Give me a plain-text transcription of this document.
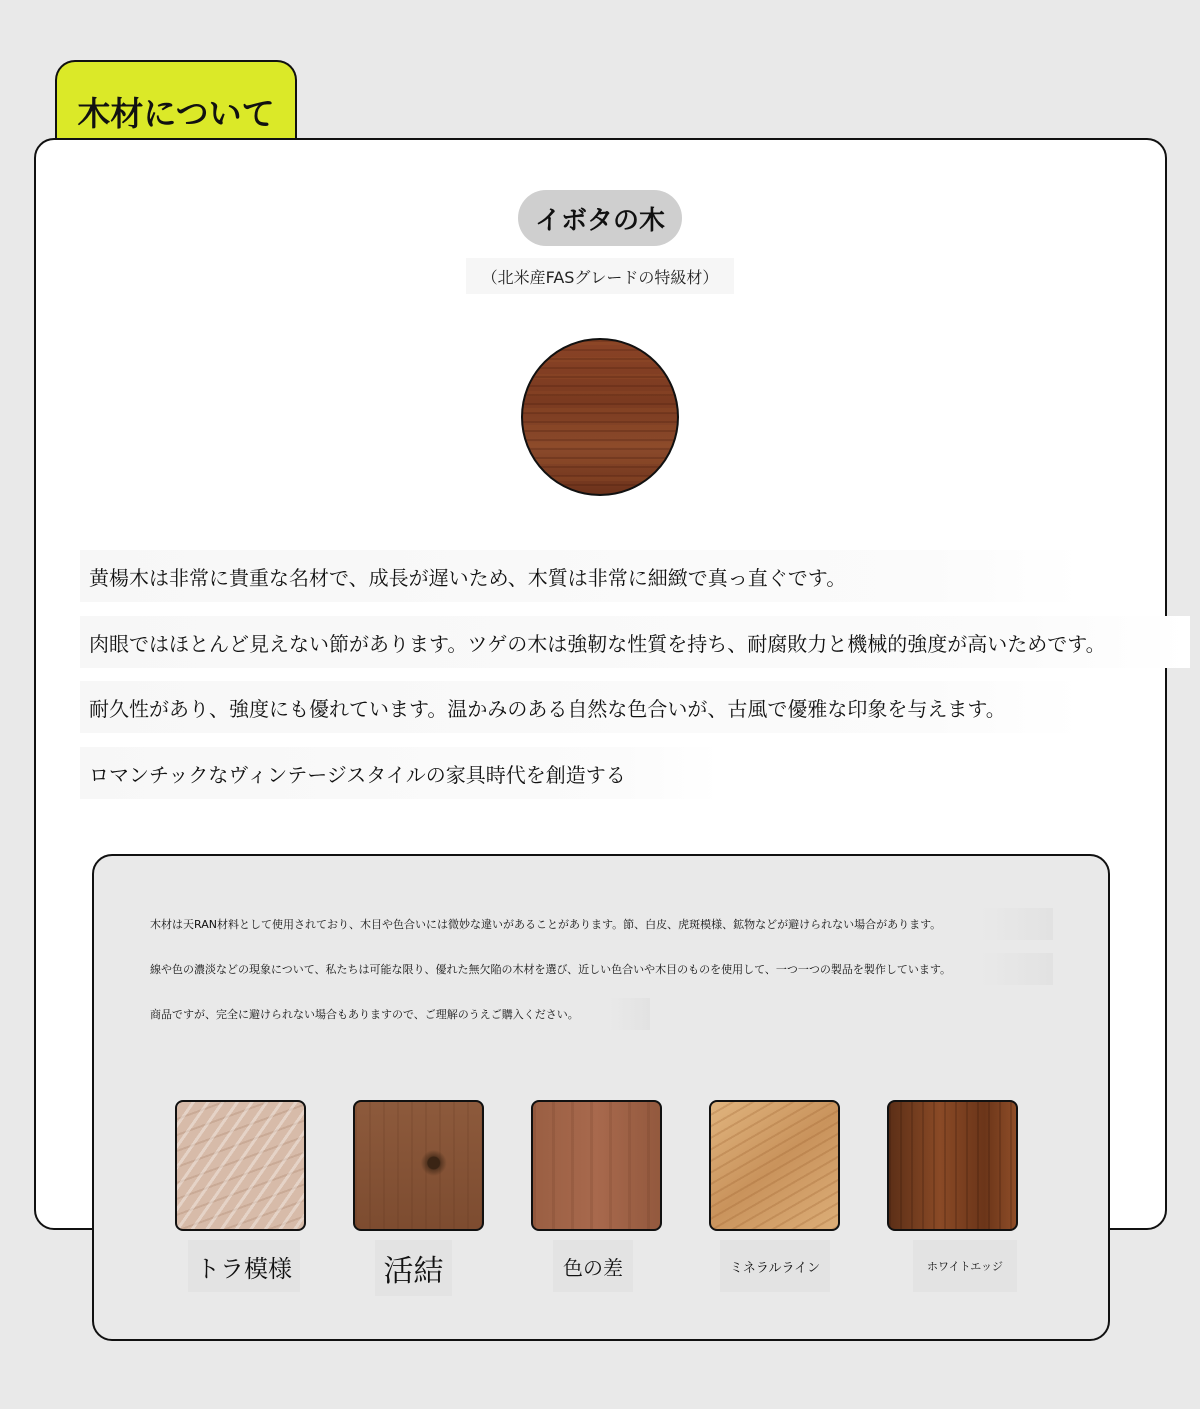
木材について
イボタの木
（北米産FASグレードの特級材）
黄楊木は非常に貴重な名材で、成長が遅いため、木質は非常に細緻で真っ直ぐです。
肉眼ではほとんど見えない節があります。ツゲの木は強靭な性質を持ち、耐腐敗力と機械的強度が高いためです。
耐久性があり、強度にも優れています。温かみのある自然な色合いが、古風で優雅な印象を与えます。
ロマンチックなヴィンテージスタイルの家具時代を創造する
木材は天RAN材料として使用されており、木目や色合いには微妙な違いがあることがあります。節、白皮、虎斑模様、鉱物などが避けられない場合があります。
線や色の濃淡などの現象について、私たちは可能な限り、優れた無欠陥の木材を選び、近しい色合いや木目のものを使用して、一つ一つの製品を製作しています。
商品ですが、完全に避けられない場合もありますので、ご理解のうえご購入ください。
トラ模様	活結	色の差	ミネラルライン	ホワイトエッジ
